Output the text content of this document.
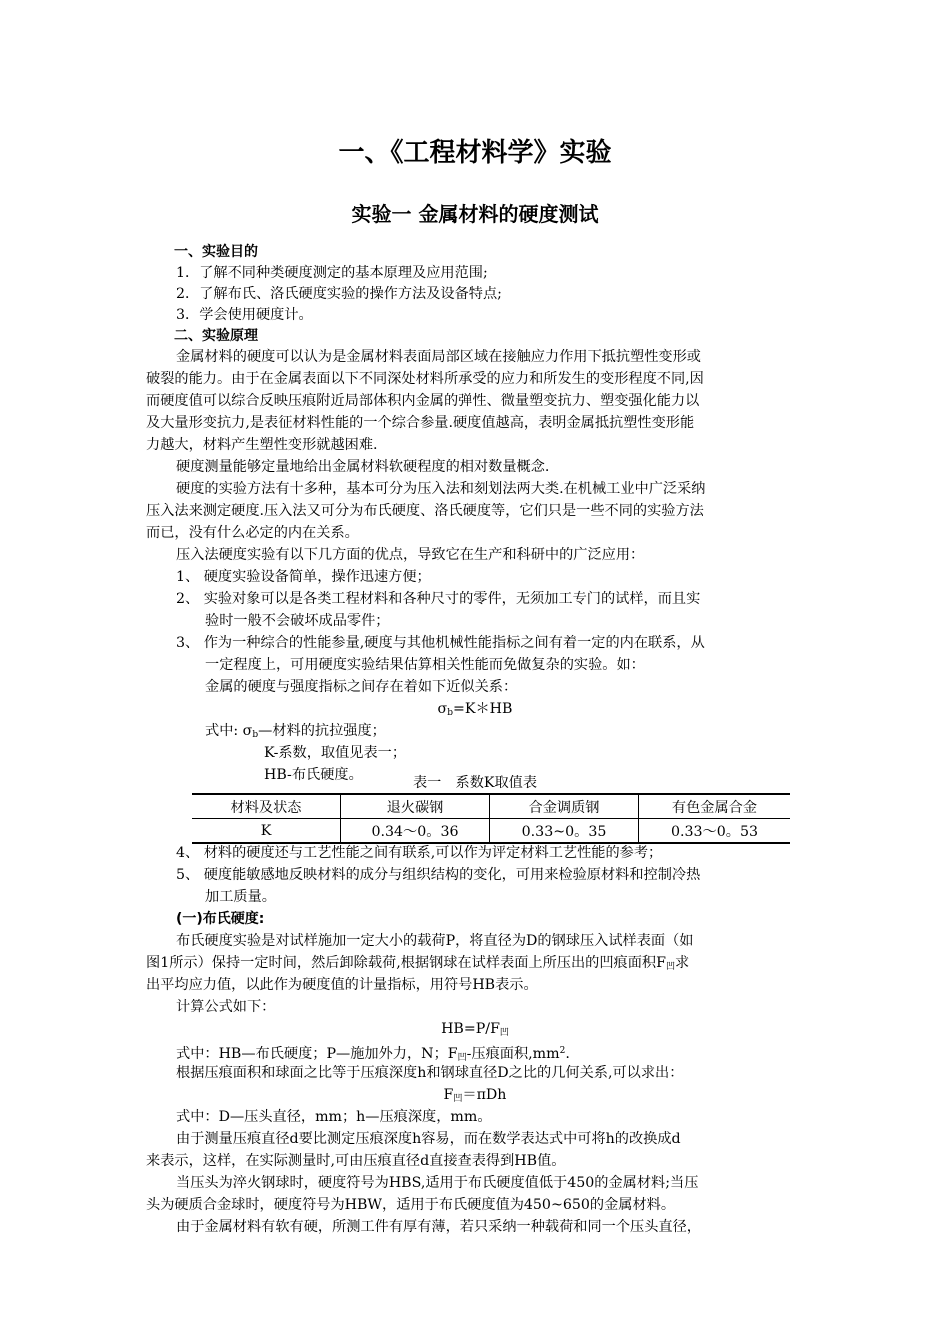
一、《工程材料学》实验
实验一 金属材料的硬度测试
一、实验目的
1．了解不同种类硬度测定的基本原理及应用范围;
2．了解布氏、洛氏硬度实验的操作方法及设备特点;
3．学会使用硬度计。
二、实验原理
金属材料的硬度可以认为是金属材料表面局部区域在接触应力作用下抵抗塑性变形或
破裂的能力。由于在金属表面以下不同深处材料所承受的应力和所发生的变形程度不同,因
而硬度值可以综合反映压痕附近局部体积内金属的弹性、微量塑变抗力、塑变强化能力以
及大量形变抗力,是表征材料性能的一个综合参量.硬度值越高，表明金属抵抗塑性变形能
力越大，材料产生塑性变形就越困难.
硬度测量能够定量地给出金属材料软硬程度的相对数量概念.
硬度的实验方法有十多种，基本可分为压入法和刻划法两大类.在机械工业中广泛采纳
压入法来测定硬度.压入法又可分为布氏硬度、洛氏硬度等，它们只是一些不同的实验方法
而已，没有什么必定的内在关系。
压入法硬度实验有以下几方面的优点，导致它在生产和科研中的广泛应用：
1、 硬度实验设备简单，操作迅速方便；
2、 实验对象可以是各类工程材料和各种尺寸的零件，无须加工专门的试样，而且实
验时一般不会破坏成品零件；
3、 作为一种综合的性能参量,硬度与其他机械性能指标之间有着一定的内在联系，从
一定程度上，可用硬度实验结果估算相关性能而免做复杂的实验。如：
金属的硬度与强度指标之间存在着如下近似关系：
$\sigma_b=K*HB$
式中: $\sigma_b—$材料的抗拉强度；
K-系数，取值见表一；
HB-布氏硬度。	表一　系数K取值表
材料及状态	退火碳钢	合金调质钢	有色金属合金
K	0.34～0。36	0.33~0。35	0.33～0。53
4、 材料的硬度还与工艺性能之间有联系,可以作为评定材料工艺性能的参考；
5、 硬度能敏感地反映材料的成分与组织结构的变化，可用来检验原材料和控制冷热
加工质量。
(一)布氏硬度:
布氏硬度实验是对试样施加一定大小的载荷P，将直径为D的钢球压入试样表面（如
图1所示）保持一定时间，然后卸除载荷,根据钢球在试样表面上所压出的凹痕面积$F_凹$求
出平均应力值，以此作为硬度值的计量指标，用符号HB表示。
计算公式如下：
$HB=P/F_凹$
式中：HB—布氏硬度；P—施加外力，N；$F_凹-$压痕面积$,mm^2$.
根据压痕面积和球面之比等于压痕深度h和钢球直径D之比的几何关系,可以求出：
$F_凹=\pi Dh$
式中：D—压头直径，mm；h—压痕深度，mm。
由于测量压痕直径d要比测定压痕深度h容易，而在数学表达式中可将h的改换成d
来表示，这样，在实际测量时,可由压痕直径d直接查表得到HB值。
当压头为淬火钢球时，硬度符号为HBS,适用于布氏硬度值低于450的金属材料;当压
头为硬质合金球时，硬度符号为HBW，适用于布氏硬度值为450~650的金属材料。
由于金属材料有软有硬，所测工件有厚有薄，若只采纳一种载荷和同一个压头直径，
